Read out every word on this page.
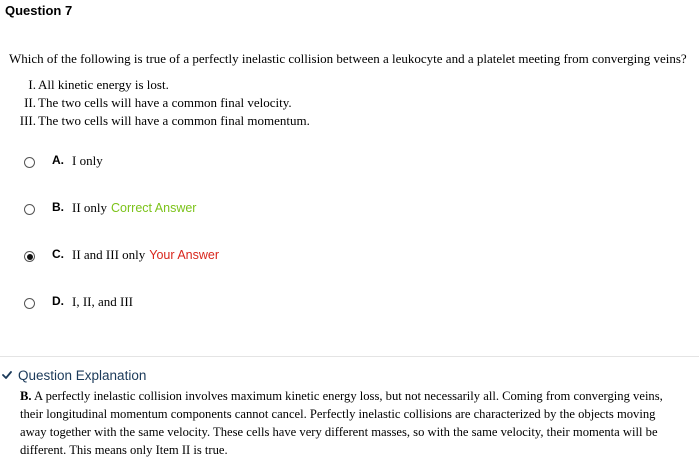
Question 7
Which of the following is true of a perfectly inelastic collision between a leukocyte and a platelet meeting from converging veins?
I. All kinetic energy is lost.
II. The two cells will have a common final velocity.
III. The two cells will have a common final momentum.
A. I only
B. II only Correct Answer
C. II and III only Your Answer
D. I, II, and III
Question Explanation

B. A perfectly inelastic collision involves maximum kinetic energy loss, but not necessarily all. Coming from converging veins,

their longitudinal momentum components cannot cancel. Perfectly inelastic collisions are characterized by the objects moving

away together with the same velocity. These cells have very different masses, so with the same velocity, their momenta will be

different. This means only Item II is true.
